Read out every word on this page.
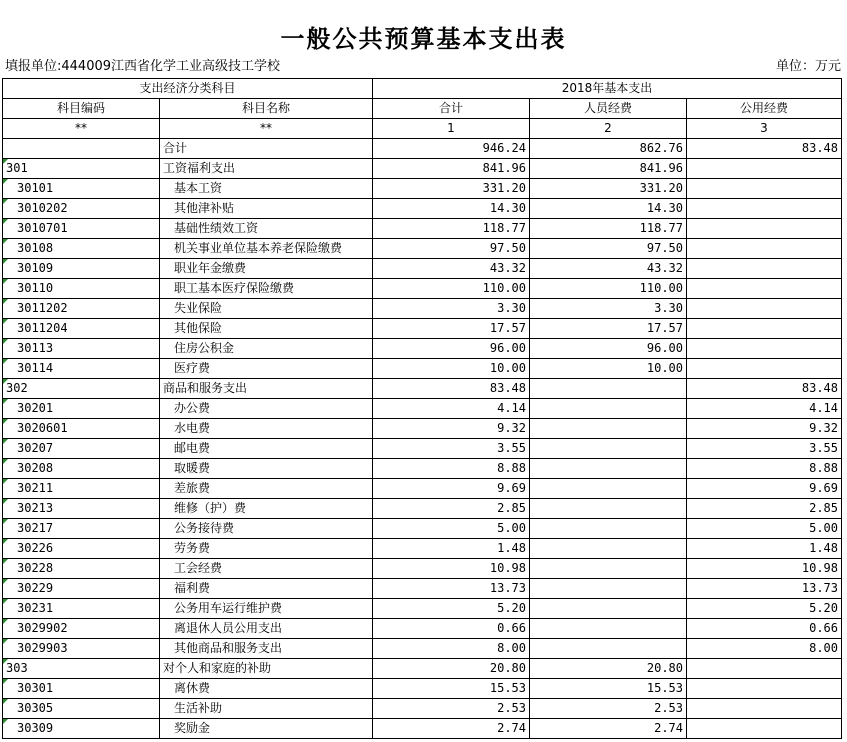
一般公共预算基本支出表
填报单位:444009江西省化学工业高级技工学校	单位：万元
支出经济分类科目		2018年基本支出		
科目编码	科目名称	合计	人员经费	公用经费
**	**	1	2	3
	合计	946.24	862.76	83.48
301	工资福利支出	841.96	841.96	
30101	基本工资	331.20	331.20	
3010202	其他津补贴	14.30	14.30	
3010701	基础性绩效工资	118.77	118.77	
30108	机关事业单位基本养老保险缴费	97.50	97.50	
30109	职业年金缴费	43.32	43.32	
30110	职工基本医疗保险缴费	110.00	110.00	
3011202	失业保险	3.30	3.30	
3011204	其他保险	17.57	17.57	
30113	住房公积金	96.00	96.00	
30114	医疗费	10.00	10.00	
302	商品和服务支出	83.48		83.48
30201	办公费	4.14		4.14
3020601	水电费	9.32		9.32
30207	邮电费	3.55		3.55
30208	取暖费	8.88		8.88
30211	差旅费	9.69		9.69
30213	维修（护）费	2.85		2.85
30217	公务接待费	5.00		5.00
30226	劳务费	1.48		1.48
30228	工会经费	10.98		10.98
30229	福利费	13.73		13.73
30231	公务用车运行维护费	5.20		5.20
3029902	离退休人员公用支出	0.66		0.66
3029903	其他商品和服务支出	8.00		8.00
303	对个人和家庭的补助	20.80	20.80	
30301	离休费	15.53	15.53	
30305	生活补助	2.53	2.53	
30309	奖励金	2.74	2.74	
